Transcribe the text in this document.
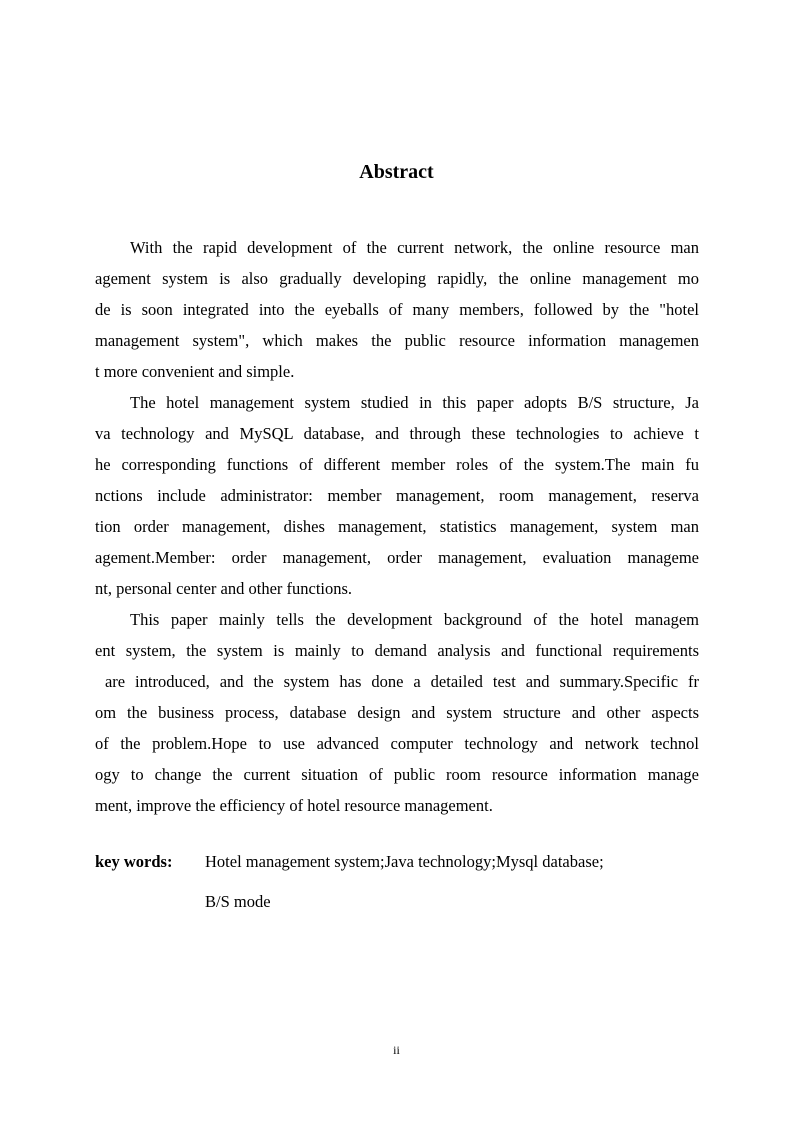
Abstract
With the rapid development of the current network, the online resource man
agement system is also gradually developing rapidly, the online management mo
de is soon integrated into the eyeballs of many members, followed by the "hotel
management system", which makes the public resource information managemen
t more convenient and simple.
The hotel management system studied in this paper adopts B/S structure, Ja
va technology and MySQL database, and through these technologies to achieve t
he corresponding functions of different member roles of the system.The main fu
nctions include administrator: member management, room management, reserva
tion order management, dishes management, statistics management, system man
agement.Member: order management, order management, evaluation manageme
nt, personal center and other functions.
This paper mainly tells the development background of the hotel managem
ent system, the system is mainly to demand analysis and functional requirements
are introduced, and the system has done a detailed test and summary.Specific fr
om the business process, database design and system structure and other aspects
of the problem.Hope to use advanced computer technology and network technol
ogy to change the current situation of public room resource information manage
ment, improve the efficiency of hotel resource management.
key words: Hotel management system;Java technology;Mysql database;
B/S mode
ii
